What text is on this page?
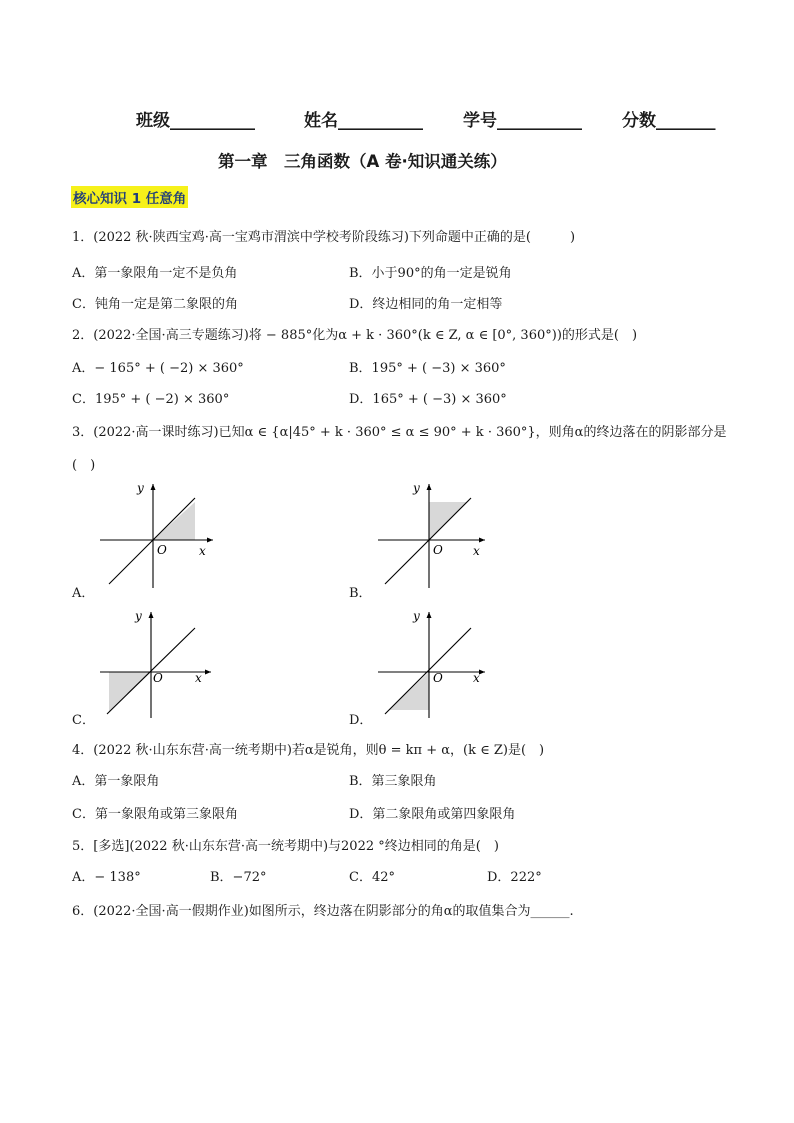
班级__________	姓名__________ 学号__________ 分数_______
第一章　三角函数（A 卷·知识通关练）
核心知识 1 任意角
1．(2022 秋·陕西宝鸡·高一宝鸡市渭滨中学校考阶段练习)下列命题中正确的是(　　　)
A．第一象限角一定不是负角	B．小于90°的角一定是锐角
C．钝角一定是第二象限的角	D．终边相同的角一定相等
2．(2022·全国·高三专题练习)将 − 885°化为α + k · 360°(k ∈ Z, α ∈ [0°, 360°))的形式是(　)
A．− 165° + ( −2) × 360°	B．195° + ( −3) × 360°
C．195° + ( −2) × 360°	D．165° + ( −3) × 360°
3．(2022·高一课时练习)已知α ∈ {α|45° + k · 360° ≤ α ≤ 90° + k · 360°}，则角α的终边落在的阴影部分是
(　)
x
y
O
A．
x
y
O
B．
x
y
O
C．
x
y
O
D．
4．(2022 秋·山东东营·高一统考期中)若α是锐角，则θ = kπ + α，(k ∈ Z)是(　)
A．第一象限角	B．第三象限角
C．第一象限角或第三象限角	D．第二象限角或第四象限角
5．[多选](2022 秋·山东东营·高一统考期中)与2022 °终边相同的角是(　)
A．− 138°	B．−72°	C．42°	D．222°
6．(2022·全国·高一假期作业)如图所示，终边落在阴影部分的角α的取值集合为______.
